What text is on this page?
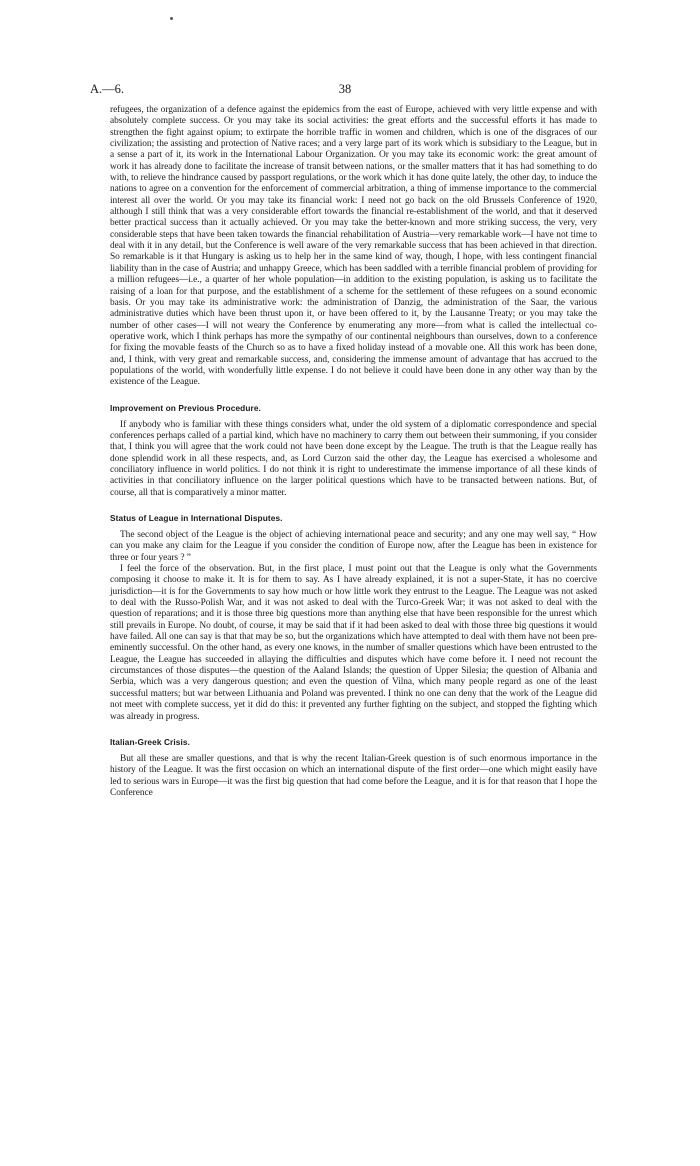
A.—6.	38

refugees, the organization of a defence against the epidemics from the east of Europe, achieved with very little expense and with absolutely complete success. Or you may take its social activities: the great efforts and the successful efforts it has made to strengthen the fight against opium; to extirpate the horrible traffic in women and children, which is one of the disgraces of our civilization; the assisting and protection of Native races; and a very large part of its work which is subsidiary to the League, but in a sense a part of it, its work in the International Labour Organization. Or you may take its economic work: the great amount of work it has already done to facilitate the increase of transit between nations, or the smaller matters that it has had something to do with, to relieve the hindrance caused by passport regulations, or the work which it has done quite lately, the other day, to induce the nations to agree on a convention for the enforcement of commercial arbitration, a thing of immense importance to the commercial interest all over the world. Or you may take its financial work: I need not go back on the old Brussels Conference of 1920, although I still think that was a very considerable effort towards the financial re-establishment of the world, and that it deserved better practical success than it actually achieved. Or you may take the better-known and more striking success, the very, very considerable steps that have been taken towards the financial rehabilitation of Austria—very remarkable work—I have not time to deal with it in any detail, but the Conference is well aware of the very remarkable success that has been achieved in that direction. So remarkable is it that Hungary is asking us to help her in the same kind of way, though, I hope, with less contingent financial liability than in the case of Austria; and unhappy Greece, which has been saddled with a terrible financial problem of providing for a million refugees—i.e., a quarter of her whole population—in addition to the existing population, is asking us to facilitate the raising of a loan for that purpose, and the establishment of a scheme for the settlement of these refugees on a sound economic basis. Or you may take its administrative work: the administration of Danzig, the administration of the Saar, the various administrative duties which have been thrust upon it, or have been offered to it, by the Lausanne Treaty; or you may take the number of other cases—I will not weary the Conference by enumerating any more—from what is called the intellectual co-operative work, which I think perhaps has more the sympathy of our continental neighbours than ourselves, down to a conference for fixing the movable feasts of the Church so as to have a fixed holiday instead of a movable one. All this work has been done, and, I think, with very great and remarkable success, and, considering the immense amount of advantage that has accrued to the populations of the world, with wonderfully little expense. I do not believe it could have been done in any other way than by the existence of the League.

Improvement on Previous Procedure.

If anybody who is familiar with these things considers what, under the old system of a diplomatic correspondence and special conferences perhaps called of a partial kind, which have no machinery to carry them out between their summoning, if you consider that, I think you will agree that the work could not have been done except by the League. The truth is that the League really has done splendid work in all these respects, and, as Lord Curzon said the other day, the League has exercised a wholesome and conciliatory influence in world politics. I do not think it is right to underestimate the immense importance of all these kinds of activities in that conciliatory influence on the larger political questions which have to be transacted between nations. But, of course, all that is comparatively a minor matter.

Status of League in International Disputes.

The second object of the League is the object of achieving international peace and security; and any one may well say, “ How can you make any claim for the League if you consider the condition of Europe now, after the League has been in existence for three or four years ? ”

I feel the force of the observation. But, in the first place, I must point out that the League is only what the Governments composing it choose to make it. It is for them to say. As I have already explained, it is not a super-State, it has no coercive jurisdiction—it is for the Governments to say how much or how little work they entrust to the League. The League was not asked to deal with the Russo-Polish War, and it was not asked to deal with the Turco-Greek War; it was not asked to deal with the question of reparations; and it is those three big questions more than anything else that have been responsible for the unrest which still prevails in Europe. No doubt, of course, it may be said that if it had been asked to deal with those three big questions it would have failed. All one can say is that that may be so, but the organizations which have attempted to deal with them have not been pre-eminently successful. On the other hand, as every one knows, in the number of smaller questions which have been entrusted to the League, the League has succeeded in allaying the difficulties and disputes which have come before it. I need not recount the circumstances of those disputes—the question of the Aaland Islands; the question of Upper Silesia; the question of Albania and Serbia, which was a very dangerous question; and even the question of Vilna, which many people regard as one of the least successful matters; but war between Lithuania and Poland was prevented. I think no one can deny that the work of the League did not meet with complete success, yet it did do this: it prevented any further fighting on the subject, and stopped the fighting which was already in progress.

Italian-Greek Crisis.

But all these are smaller questions, and that is why the recent Italian-Greek question is of such enormous importance in the history of the League. It was the first occasion on which an international dispute of the first order—one which might easily have led to serious wars in Europe—it was the first big question that had come before the League, and it is for that reason that I hope the Conference
